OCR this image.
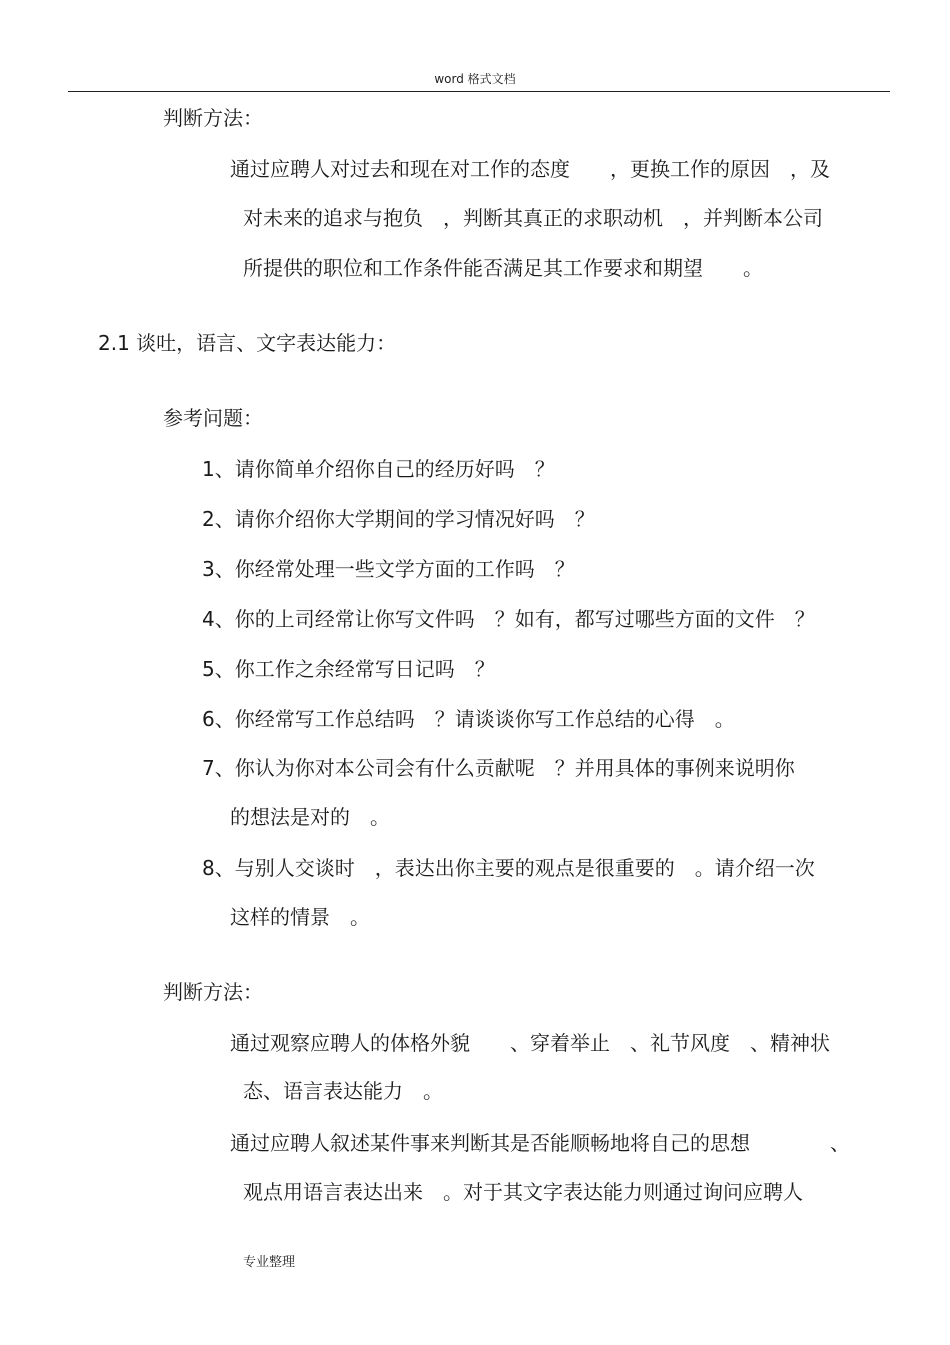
word 格式文档
判断方法：
通过应聘人对过去和现在对工作的态度　　，更换工作的原因　，及
对未来的追求与抱负　，判断其真正的求职动机　，并判断本公司
所提供的职位和工作条件能否满足其工作要求和期望　　。
2.1 谈吐，语言、文字表达能力：
参考问题：
1、请你简单介绍你自己的经历好吗　？
2、请你介绍你大学期间的学习情况好吗　？
3、你经常处理一些文学方面的工作吗　？
4、你的上司经常让你写文件吗　？如有，都写过哪些方面的文件　？
5、你工作之余经常写日记吗　？
6、你经常写工作总结吗　？请谈谈你写工作总结的心得　。
7、你认为你对本公司会有什么贡献呢　？并用具体的事例来说明你
的想法是对的　。
8、与别人交谈时　，表达出你主要的观点是很重要的　。请介绍一次
这样的情景　。
判断方法：
通过观察应聘人的体格外貌　　、穿着举止　、礼节风度　、精神状
态、语言表达能力　。
通过应聘人叙述某件事来判断其是否能顺畅地将自己的思想　　　　、
观点用语言表达出来　。对于其文字表达能力则通过询问应聘人
专业整理
